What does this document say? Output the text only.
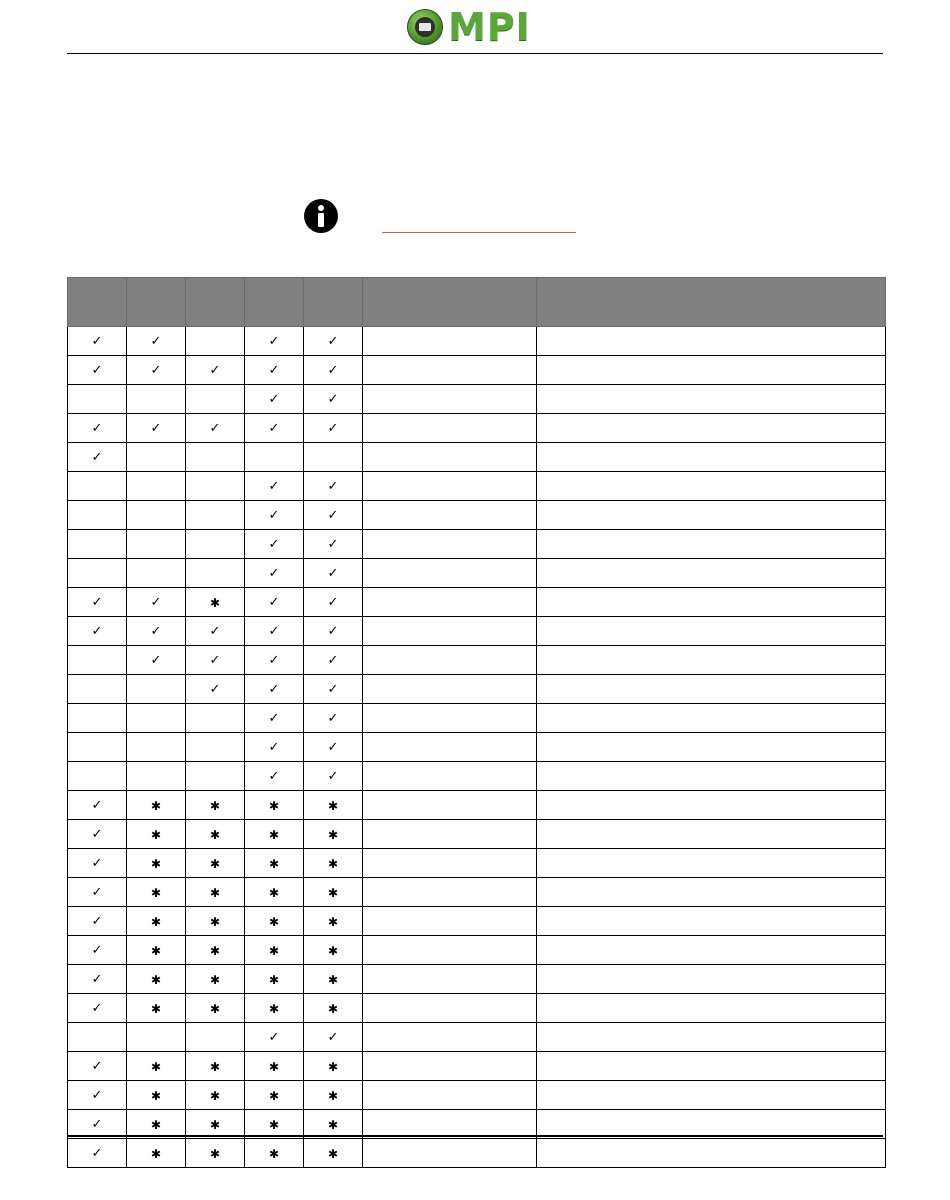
MPI

✓	✓		✓	✓		
✓	✓	✓	✓	✓		
			✓	✓		
✓	✓	✓	✓	✓		
✓						
			✓	✓		
			✓	✓		
			✓	✓		
			✓	✓		
✓	✓	✱	✓	✓		
✓	✓	✓	✓	✓		
	✓	✓	✓	✓		
		✓	✓	✓		
			✓	✓		
			✓	✓		
			✓	✓		
✓	✱	✱	✱	✱		
✓	✱	✱	✱	✱		
✓	✱	✱	✱	✱		
✓	✱	✱	✱	✱		
✓	✱	✱	✱	✱		
✓	✱	✱	✱	✱		
✓	✱	✱	✱	✱		
✓	✱	✱	✱	✱		
			✓	✓		
✓	✱	✱	✱	✱		
✓	✱	✱	✱	✱		
✓	✱	✱	✱	✱		
✓	✱	✱	✱	✱		
